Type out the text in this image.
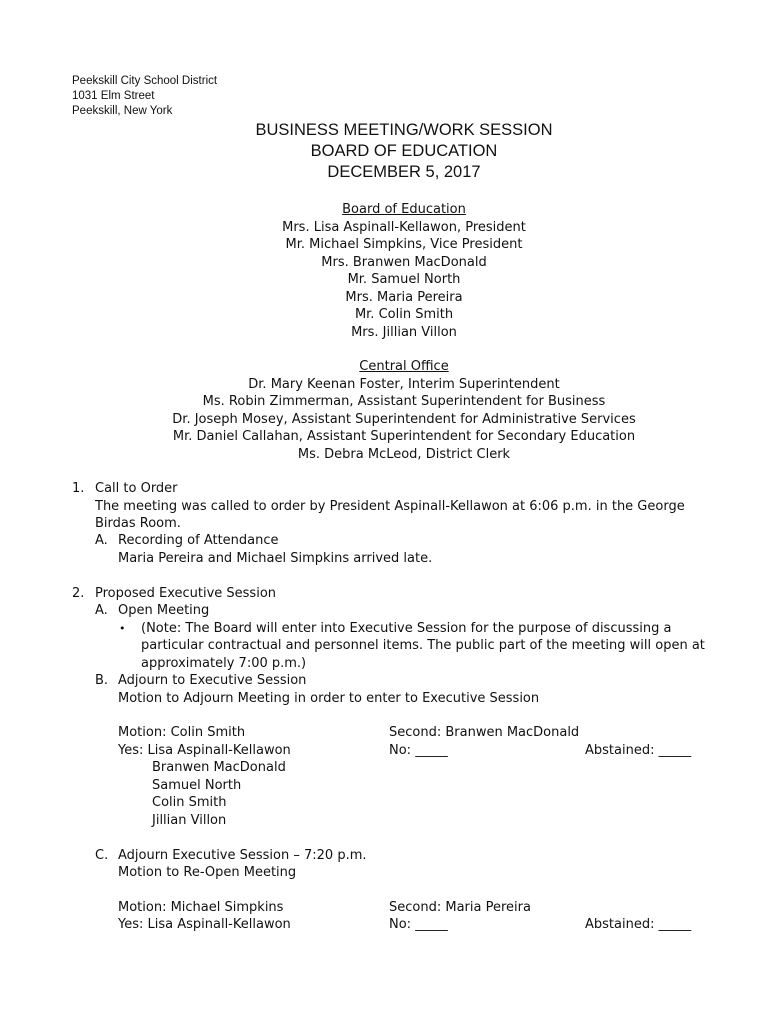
Peekskill City School District
1031 Elm Street
Peekskill, New York
BUSINESS MEETING/WORK SESSION
BOARD OF EDUCATION
DECEMBER 5, 2017
Board of Education
Mrs. Lisa Aspinall-Kellawon, President
Mr. Michael Simpkins, Vice President
Mrs. Branwen MacDonald
Mr. Samuel North
Mrs. Maria Pereira
Mr. Colin Smith
Mrs. Jillian Villon
Central Office
Dr. Mary Keenan Foster, Interim Superintendent
Ms. Robin Zimmerman, Assistant Superintendent for Business
Dr. Joseph Mosey, Assistant Superintendent for Administrative Services
Mr. Daniel Callahan, Assistant Superintendent for Secondary Education
Ms. Debra McLeod, District Clerk
1. Call to Order
The meeting was called to order by President Aspinall-Kellawon at 6:06 p.m. in the George
Birdas Room.
A. Recording of Attendance
Maria Pereira and Michael Simpkins arrived late.
2. Proposed Executive Session
A. Open Meeting
• (Note: The Board will enter into Executive Session for the purpose of discussing a
particular contractual and personnel items. The public part of the meeting will open at
approximately 7:00 p.m.)
B. Adjourn to Executive Session
Motion to Adjourn Meeting in order to enter to Executive Session
Motion: Colin Smith	Second: Branwen MacDonald
Yes: Lisa Aspinall-Kellawon	No: _____	Abstained: _____
Branwen MacDonald
Samuel North
Colin Smith
Jillian Villon
C. Adjourn Executive Session – 7:20 p.m.
Motion to Re-Open Meeting
Motion: Michael Simpkins	Second: Maria Pereira
Yes: Lisa Aspinall-Kellawon	No: _____	Abstained: _____
